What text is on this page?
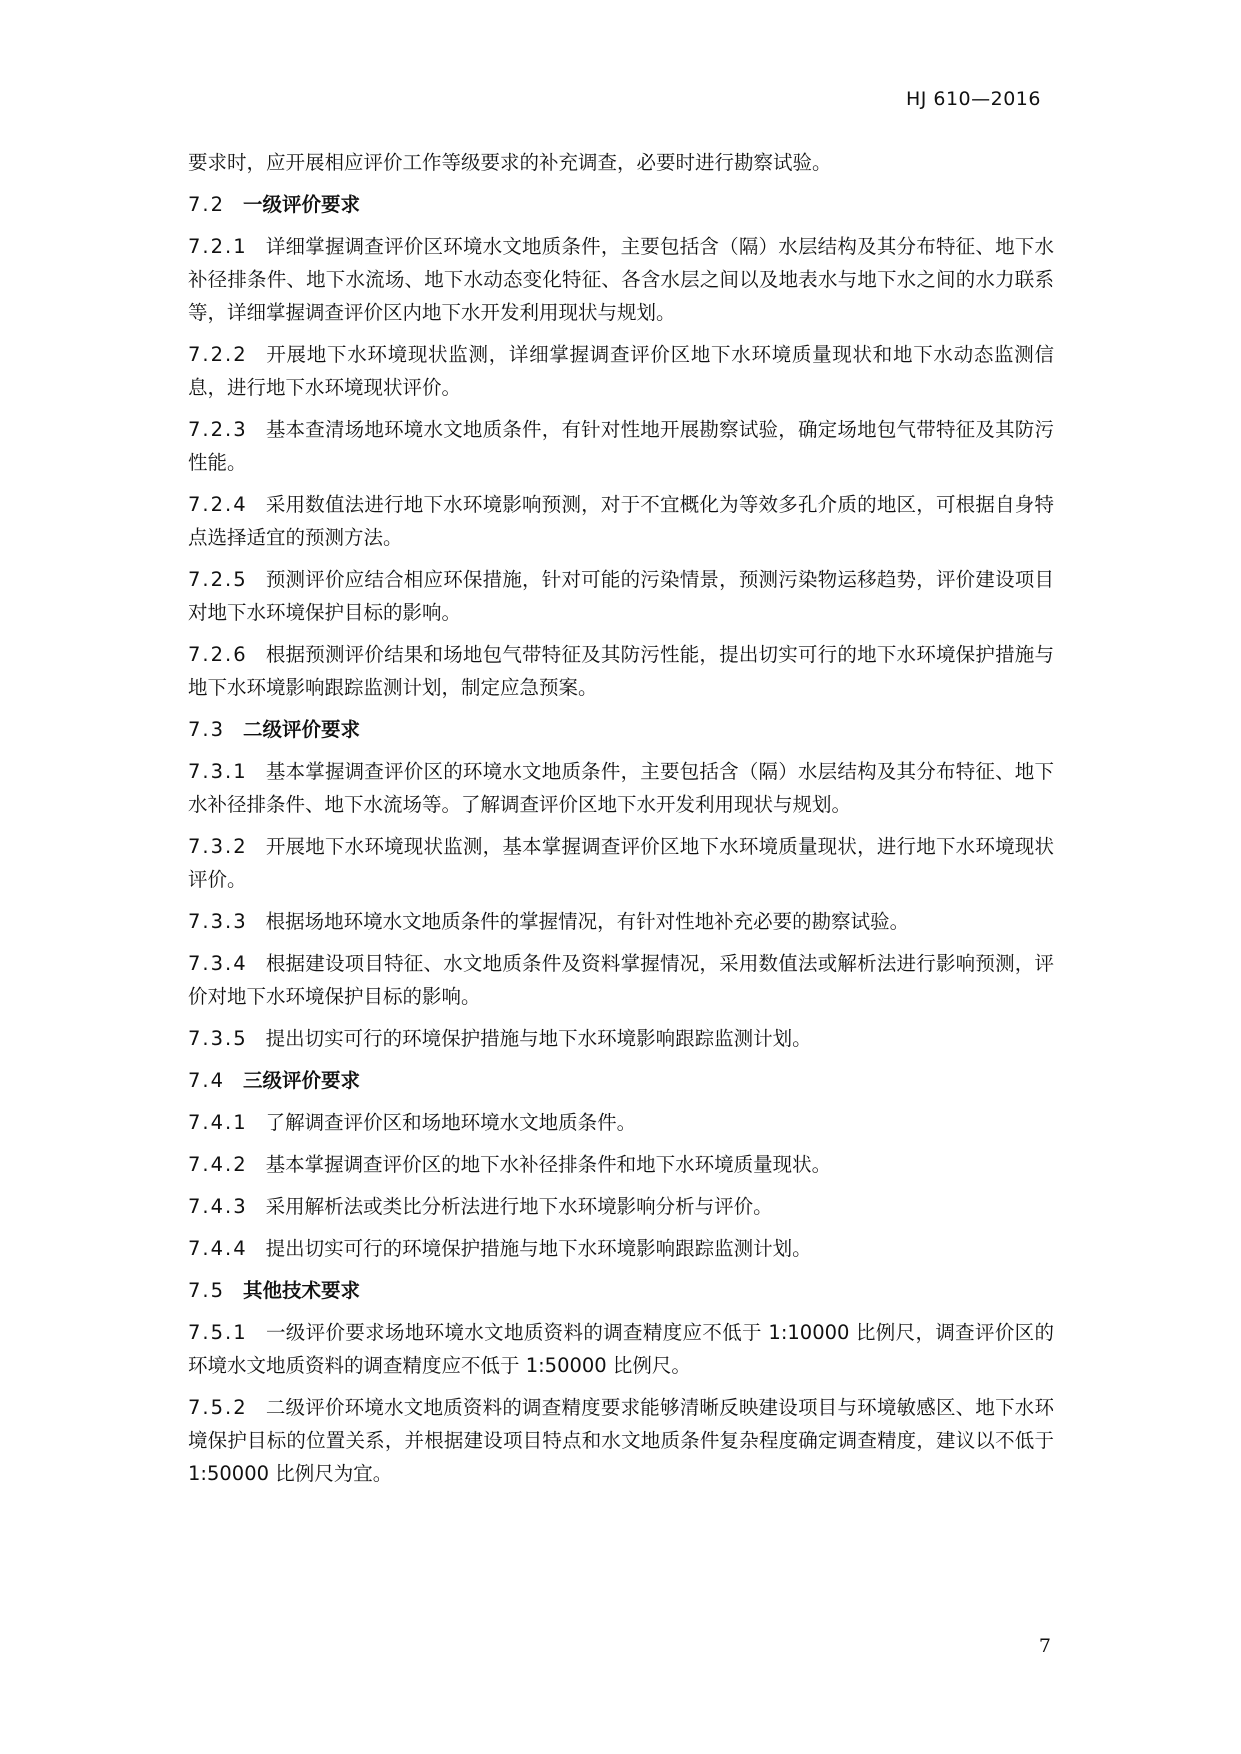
HJ 610—2016

要求时，应开展相应评价工作等级要求的补充调查，必要时进行勘察试验。

7.2 一级评价要求

7.2.1 详细掌握调查评价区环境水文地质条件，主要包括含（隔）水层结构及其分布特征、地下水补径排条件、地下水流场、地下水动态变化特征、各含水层之间以及地表水与地下水之间的水力联系等，详细掌握调查评价区内地下水开发利用现状与规划。

7.2.2 开展地下水环境现状监测，详细掌握调查评价区地下水环境质量现状和地下水动态监测信息，进行地下水环境现状评价。

7.2.3 基本查清场地环境水文地质条件，有针对性地开展勘察试验，确定场地包气带特征及其防污性能。

7.2.4 采用数值法进行地下水环境影响预测，对于不宜概化为等效多孔介质的地区，可根据自身特点选择适宜的预测方法。

7.2.5 预测评价应结合相应环保措施，针对可能的污染情景，预测污染物运移趋势，评价建设项目对地下水环境保护目标的影响。

7.2.6 根据预测评价结果和场地包气带特征及其防污性能，提出切实可行的地下水环境保护措施与地下水环境影响跟踪监测计划，制定应急预案。

7.3 二级评价要求

7.3.1 基本掌握调查评价区的环境水文地质条件，主要包括含（隔）水层结构及其分布特征、地下水补径排条件、地下水流场等。了解调查评价区地下水开发利用现状与规划。

7.3.2 开展地下水环境现状监测，基本掌握调查评价区地下水环境质量现状，进行地下水环境现状评价。

7.3.3 根据场地环境水文地质条件的掌握情况，有针对性地补充必要的勘察试验。

7.3.4 根据建设项目特征、水文地质条件及资料掌握情况，采用数值法或解析法进行影响预测，评价对地下水环境保护目标的影响。

7.3.5 提出切实可行的环境保护措施与地下水环境影响跟踪监测计划。

7.4 三级评价要求

7.4.1 了解调查评价区和场地环境水文地质条件。

7.4.2 基本掌握调查评价区的地下水补径排条件和地下水环境质量现状。

7.4.3 采用解析法或类比分析法进行地下水环境影响分析与评价。

7.4.4 提出切实可行的环境保护措施与地下水环境影响跟踪监测计划。

7.5 其他技术要求

7.5.1 一级评价要求场地环境水文地质资料的调查精度应不低于 1:10000 比例尺，调查评价区的环境水文地质资料的调查精度应不低于 1:50000 比例尺。

7.5.2 二级评价环境水文地质资料的调查精度要求能够清晰反映建设项目与环境敏感区、地下水环境保护目标的位置关系，并根据建设项目特点和水文地质条件复杂程度确定调查精度，建议以不低于 1:50000 比例尺为宜。

7
